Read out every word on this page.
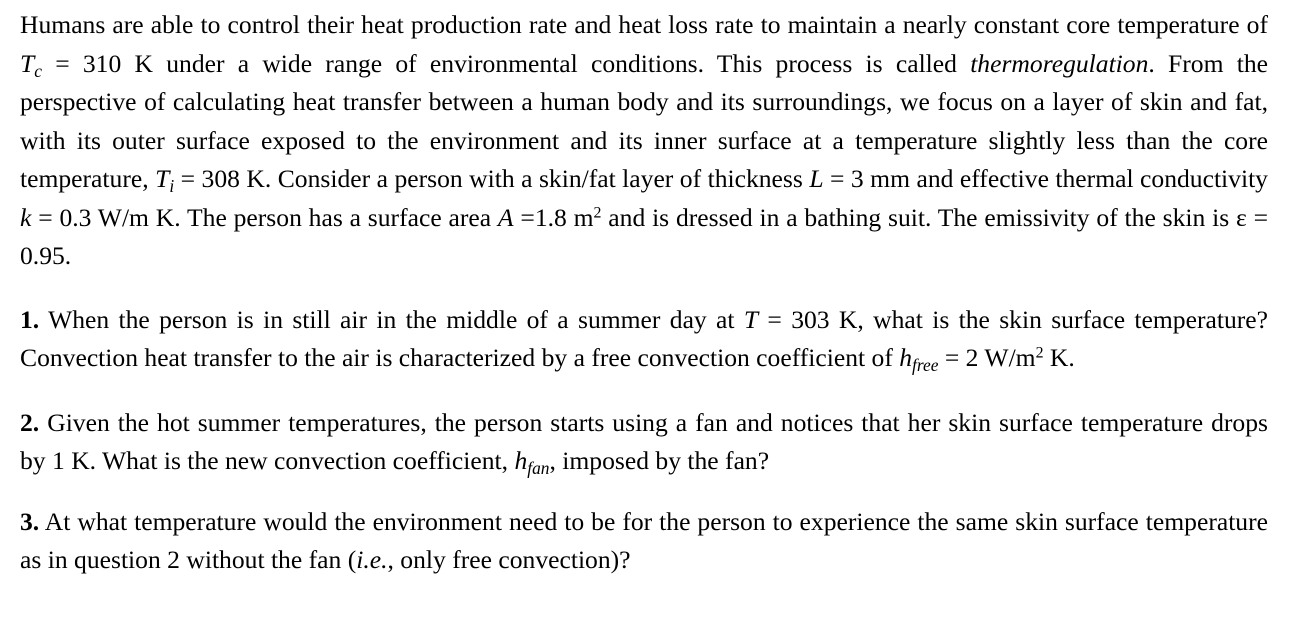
Humans are able to control their heat production rate and heat loss rate to maintain a nearly constant core temperature of $T_c = 310$ K under a wide range of environmental conditions. This process is called thermoregulation. From the perspective of calculating heat transfer between a human body and its surroundings, we focus on a layer of skin and fat, with its outer surface exposed to the environment and its inner surface at a temperature slightly less than the core temperature, $T_i = 308$ K. Consider a person with a skin/fat layer of thickness L = 3 mm and effective thermal conductivity k = 0.3 W/m K. The person has a surface area A =1.8 $m^2$ and is dressed in a bathing suit. The emissivity of the skin is ε = 0.95.

1. When the person is in still air in the middle of a summer day at T = 303 K, what is the skin surface temperature? Convection heat transfer to the air is characterized by a free convection coefficient of $h_{free} = 2$ $W/m^2$ K.

2. Given the hot summer temperatures, the person starts using a fan and notices that her skin surface temperature drops by 1 K. What is the new convection coefficient, $h_{fan}$, imposed by the fan?

3. At what temperature would the environment need to be for the person to experience the same skin surface temperature as in question 2 without the fan (i.e., only free convection)?
